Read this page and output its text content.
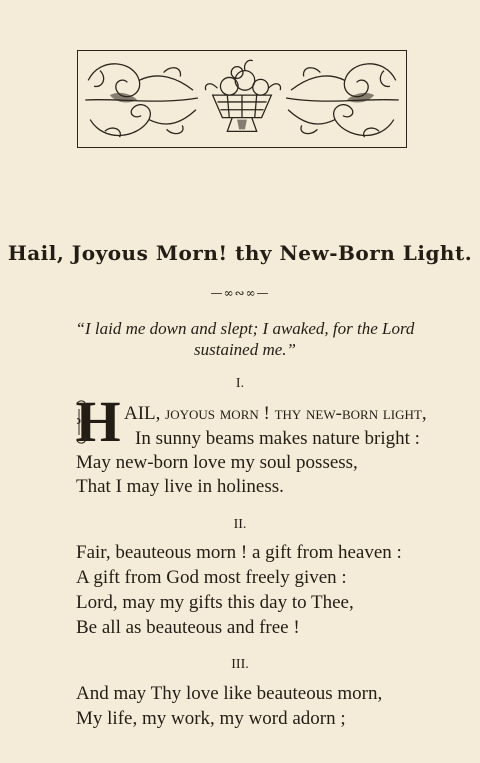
Hail, Joyous Morn! thy New-Born Light.
—∞∾∞—
“I laid me down and slept; I awaked, for the Lord
sustained me.”
I.
H AIL, joyous morn ! thy new-born light,
In sunny beams makes nature bright :
May new-born love my soul possess,
That I may live in holiness.
II.
Fair, beauteous morn ! a gift from heaven :
A gift from God most freely given :
Lord, may my gifts this day to Thee,
Be all as beauteous and free !
III.
And may Thy love like beauteous morn,
My life, my work, my word adorn ;
